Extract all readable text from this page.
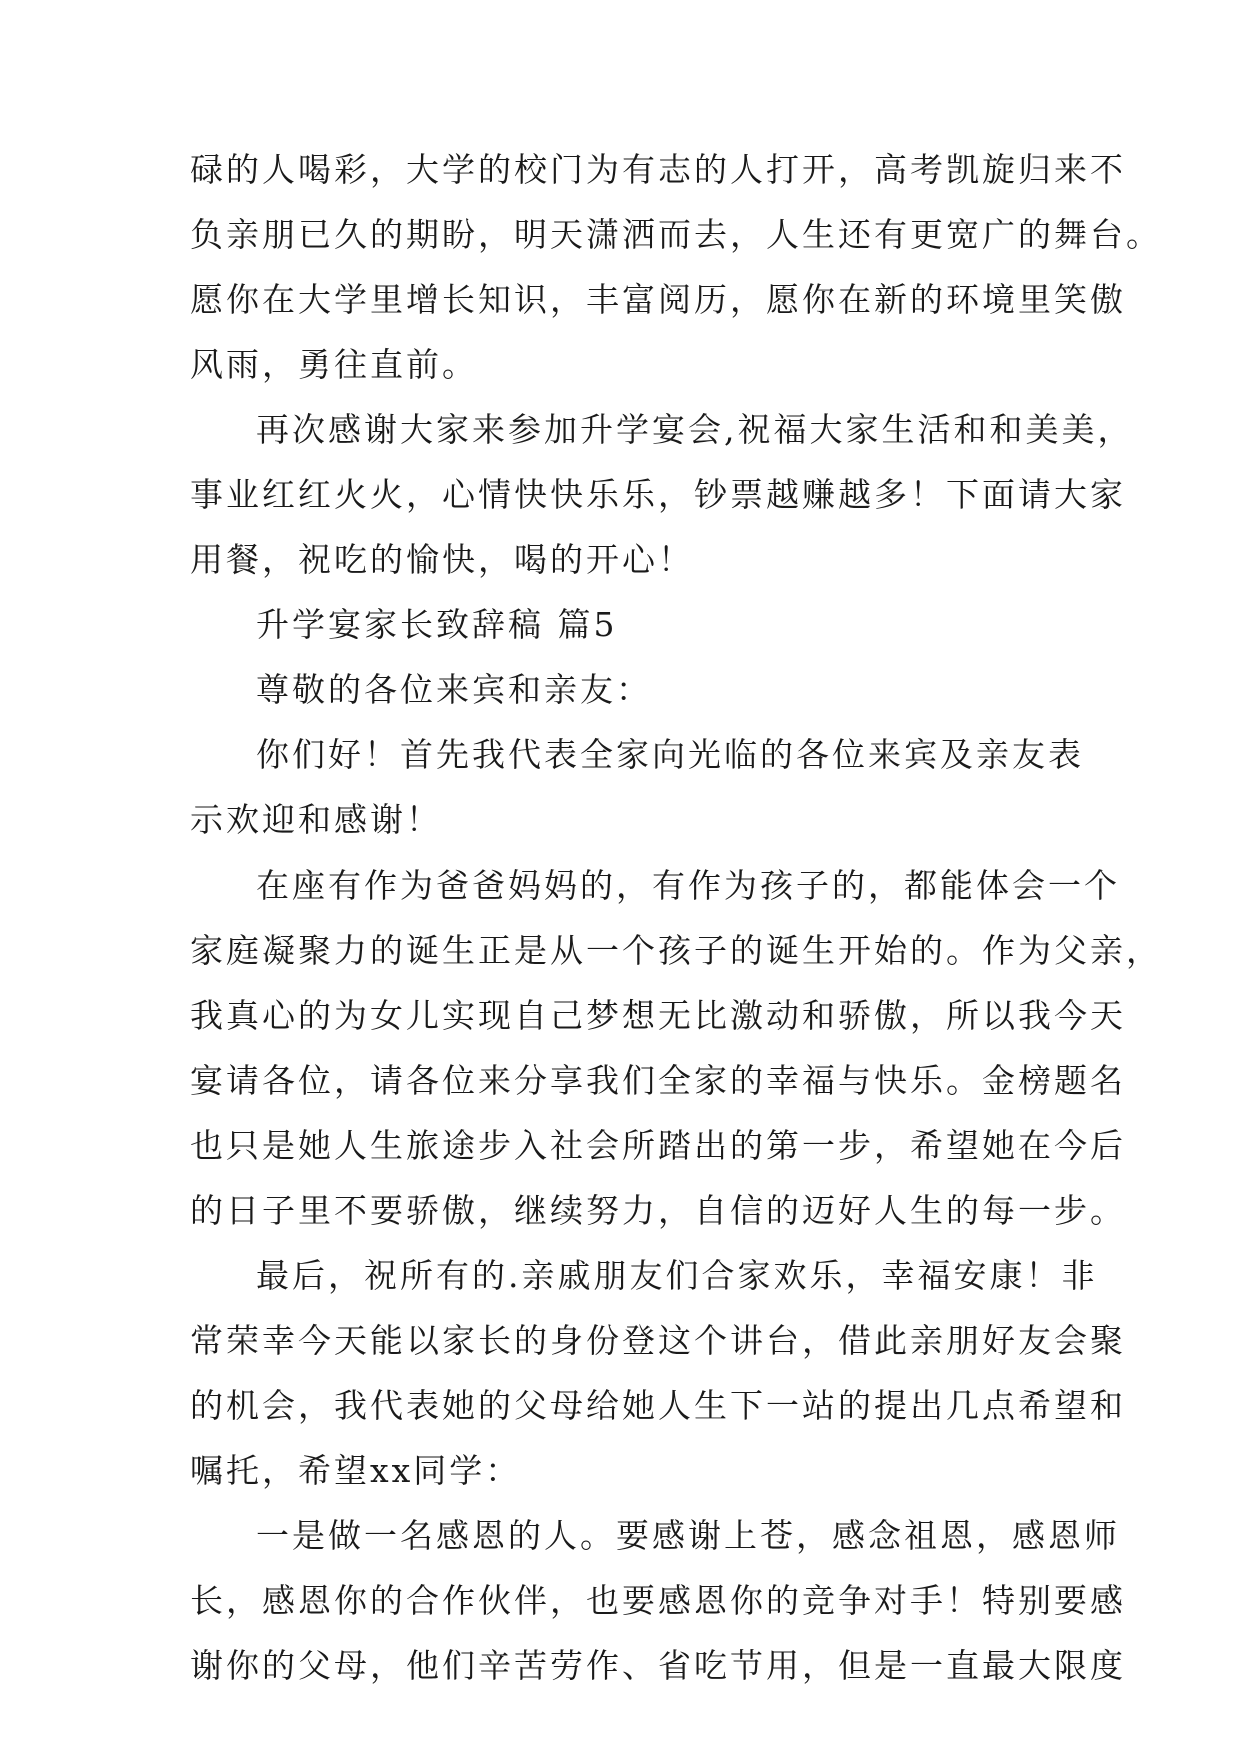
碌的人喝彩，大学的校门为有志的人打开，高考凯旋归来不
负亲朋已久的期盼，明天潇洒而去，人生还有更宽广的舞台。
愿你在大学里增长知识，丰富阅历，愿你在新的环境里笑傲
风雨，勇往直前。
再次感谢大家来参加升学宴会,祝福大家生活和和美美，
事业红红火火，心情快快乐乐，钞票越赚越多！下面请大家
用餐，祝吃的愉快，喝的开心！
升学宴家长致辞稿 篇5
尊敬的各位来宾和亲友：
你们好！首先我代表全家向光临的各位来宾及亲友表
示欢迎和感谢！
在座有作为爸爸妈妈的，有作为孩子的，都能体会一个
家庭凝聚力的诞生正是从一个孩子的诞生开始的。作为父亲，
我真心的为女儿实现自己梦想无比激动和骄傲，所以我今天
宴请各位，请各位来分享我们全家的幸福与快乐。金榜题名
也只是她人生旅途步入社会所踏出的第一步，希望她在今后
的日子里不要骄傲，继续努力，自信的迈好人生的每一步。
最后，祝所有的.亲戚朋友们合家欢乐，幸福安康！非
常荣幸今天能以家长的身份登这个讲台，借此亲朋好友会聚
的机会，我代表她的父母给她人生下一站的提出几点希望和
嘱托，希望xx同学：
一是做一名感恩的人。要感谢上苍，感念祖恩，感恩师
长，感恩你的合作伙伴，也要感恩你的竞争对手！特别要感
谢你的父母，他们辛苦劳作、省吃节用，但是一直最大限度
